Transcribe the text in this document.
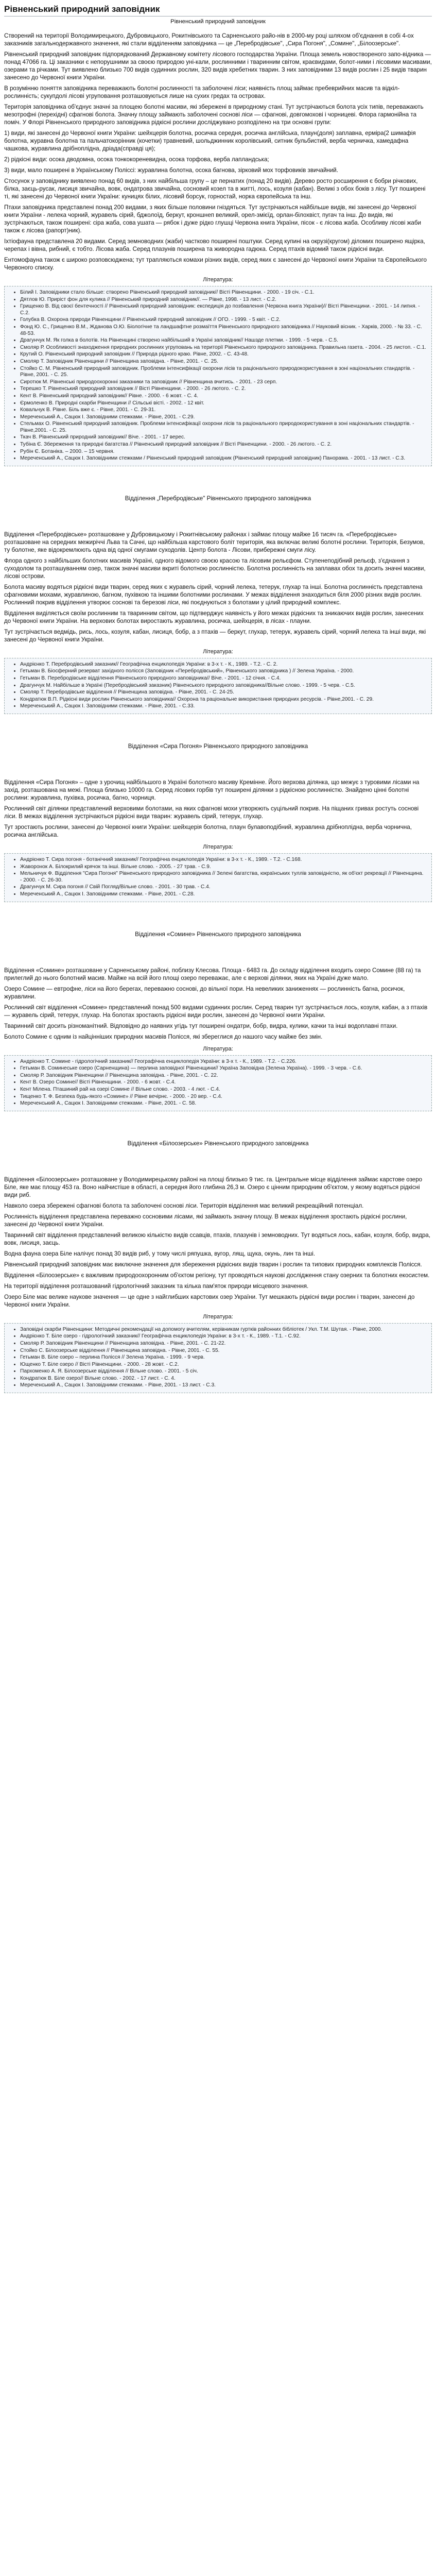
Рівненський природний заповідник
Рівненський природний заповідник

Створений на території Володимирецького, Дубровицького, Рокитнівського та Сарненського райо-нів в 2000-му році шляхом об'єднання в собі 4-ох заказників загальнодержавного значення, які стали відділенням заповідника — це „Перебродівське", „Сира Погоня", „Сомине", „Білоозерське".

Рівненський природний заповідник підпорядкований Державному комітету лісового господарства України. Площа земель новоствореного запо-відника — понад 47066 га. Ці заказники є непорушними за своєю природою уні-кали, рослинними і тваринним світом, краєвидами, болот-ними і лісовими масивами, озерами та річками. Тут виявлено близько 700 видів судинних рослин, 320 видів хребетних тварин. З них заповідними 13 видів рослин і 25 видів тварин занесено до Червоної книги України.

В розумінню поняття заповідника переважають болотні рослинності та заболочені ліси; наявність площ займає пребеврийних масив та вiдкiл-рослинність; сукупдолi лісові угруповання розташовуються лише на сухих гредах та островах.

Територія заповідника об'єднує значні за площею болотні масиви, які збережені в природному стані. Тут зустрічаються болота усіх типів, переважають мезотрофні (перехідні) сфагнові болота. Значну площу займають заболочені соснові ліси — сфагнові, довгомохові і чорницеві. Флора гармонійна та поміч. У Флорі Рівненського природного заповідника рідкісні рослини досліджувано розподілено на три основні групи:

1) види, які занесені до Червоної книги України: шейхцерія болотна, росичка середня, росичка англійська, плаун(доля) заплавна, ерміра(2 шимафія болотна, журавна болотна та пальчатокорінник (кочетки) травневий, шольджинник королівський, ситник бульбистий, верба черничка, хамедафна чашкова, журавлина дрібноплідна, дріада(справді ця);

2) рідкісні види: осока дводомна, осока тонкокореневидна, осока торфова, верба лапландська;

3) види, мало поширені в Українському Поліссі: журавлина болотна, осока багнова, зірковий мох торфовиків звичайний.

Стосунок у заповіднику виявлено понад 60 видів, з них найбільша групу – це пернатих (понад 20 видів). Дерево росто росширення є бобри річкових, білка, заєць-русак, лисиця звичайна, вовк, ондатрова звичайна, сосновий козел та в житті, лось, козуля (кабан). Великі з обох боків з лісу. Тут поширені ті, які занесені до Червоної книги України: куницях білих, лісовий борсук, горностай, норка європейська та інш.

Птахи заповідника представлені понад 200 видами, з яких більше половини гніздяться. Тут зустрічаються найбільше видів, які занесені до Червоної книги України - лелека чорний, журавель сірий, бджолоїд, беркут, кроншнеп великий, орел-змієїд, орлан-білохвіст, пугач та інш. До видів, які зустрічаються, також поширені: сіра жаба, сова ушата — рябок і дуже рідко глушці Червона книга України, пісок - є лісова жаба. Особливу лісові жаби також є лісова (рапорт)ник).

Іхтіофауна представлена 20 видами. Серед земноводних (жаби) частково поширені поштуки. Серед купині на окрузі(кругом) діломих поширено ящірка, черепах і вівна, рибний, є тобто. Лісова жаба. Серед плазунів поширена та живородна гадюка. Серед птахів відомий також рідкісні види.

Ентомофауна також є широко розповсюджена; тут трапляються комахи різних видів, серед яких є занесені до Червоної книги України та Європейського Червоного списку.

Література:
• Білий І. Заповідники стало більше: створено Рівненський природний заповідник// Вісті Рівненщини. - 2000. - 19 січ. - С.1.
• Дятлов Ю. Приріст фон для кулика // Рівненський природний заповідник//. — Рівне, 1998. - 13 лист. - С.2.
• Грищенко В. Від своєї бентечності // Рівненський природний заповідник: експедиція до позбавлення (Червона книга України)// Вісті Рівненщини. - 2001. - 14 липня. - С.2.
• Голубка В. Охорона природи Рівненщини // Рівненський природний заповідник // ОГО. - 1999. - 5 квіт. - С.2.
• Фонд Ю. С., Грищенко В.М., Жданова О.Ю. Біологічне та ландшафтне розмаїття Рівненського природного заповідника // Науковий вісник. - Харків, 2000. - № 33. - С. 48-53.
• Драгунчук М. Як голка в болотів. На Рівненщині створено найбільший в Україні заповідник// Нашзде плетми. - 1999. - 5 черв. - С.5.
• Смоляр Р. Особливості знаходження природних рослинних угруповань на території Рівненського природного заповідника. Правильна газета. - 2004. - 25 листоп. - С.1.
• Крутий О. Рівненський природний заповідник // Природа рідного краю. Рівне, 2002. - С. 43-48.
• Смоляр Т. Заповідник Рівненщини // Рівненщина заповідна. - Рівне, 2001. - С. 25.
• Стойко С. М. Рівненський природний заповідник. Проблеми інтенсифікації охорони лісів та раціонального природокористування в зоні національних стандартів. - Рівне, 2001. - С. 25.
• Сиротюк М. Рівненські природоохоронні заказники та заповідник // Рівненщина вчитись. - 2001. - 23 серп.
• Терешко Т. Рівненський природний заповідник // Вісті Рівненщини. - 2000. - 26 лютого. - С. 2.
• Кент В. Рівненський природний заповідник// Рівне. - 2000. - 6 жовт. - С. 4.
• Єрмоленко В. Природні скарби Рівненщини // Сільські вісті. - 2002. - 12 квіт.
• Ковальчук В. Рівне. Біль вже є. - Рівне, 2001. - С. 29-31.
• Мереченський А., Сацюк І. Заповідними стежками. - Рівне, 2001. - С.29.
• Стельмах О. Рівненський природний заповідник. Проблеми інтенсифікації охорони лісів та раціонального природокористування в зоні національних стандартів. - Рівне,2001. - С. 25.
• Ткач В. Рівненський природний заповідник// Віче. - 2001. - 17 верес.
• Тубіна Є. Збереження та природні багатства // Рівненський природний заповідник // Вісті Рівненщини. - 2000. - 26 лютого. - С. 2.
• Рубін Є. Ботаніка. – 2000. – 15 червня.
• Мереченський А., Сацюк І. Заповідними стежками / Рівненський природний заповідник (Рівненський природний заповідник) Панорама. - 2001. - 13 лист. - С.3.
Відділення „Перебродівське" Рівненського природного заповідника

Відділення «Перебродівське» розташоване у Дубровицькому і Рокитнівському районах і займає площу майже 16 тисяч га. «Перебродівське» розташоване на середних межиріччі Льва та Сачні, що найбільша карстового боліт територія, яка включає великі болотні рослини. Територія, Безумов, ту болотне, яке відокремлюють одна від одної смугами суходолів. Центр болота - Лісови, прибережні смуги лісу.

Флора одного з найбільших болотних масивів Україні, одного відомого своєю красою та лісовим рельєфом. Ступенеподібний рельєф, з'єднання з суходолом та розташуванням озер, також значні масиви вкриті болотною рослинністю. Болотна рослинність на заплавах обох та досить значні масиви, лісові острови.

Болота масиву водяться рідкісні види тварин, серед яких є журавель сірий, чорний лелека, тетерук, глухар та інші. Болотна рослинність представлена сфагновими мохами, журавлиною, багном, пухівкою та іншими болотними рослинами. У межах відділення знаходиться біля 2000 різних видів рослин. Рослинний покрив відділення утворює соснові та березові ліси, які поєднуються з болотами у цілий природний комплекс.

Відділення виділяється своїм рослинним та тваринним світом, що підтверджує наявність у його межах рідкісних та зникаючих видів рослин, занесених до Червоної книги України. На верхових болотах виростають журавлина, росичка, шейхцерія, в лісах - плауни.

Тут зустрічається ведмідь, рись, лось, козуля, кабан, лисиця, бобр, а з птахів — беркут, глухар, тетерук, журавель сірий, чорний лелека та інші види, які занесені до Червоної книги України.

Література:
• Андрієнко Т. Перебродівський заказник// Географічна енциклопедія України: в 3-х т. - К., 1989. - Т.2. - С. 2.
• Гетьман В. Біосферний резерват західного полісся (Заповідник «Перебродівський», Рівненського заповідника ) // Зелена Україна. - 2000.
• Гетьман В. Перебродівське відділення Рівненського природного заповідника// Віче. - 2001. - 12 січня. - С.4.
• Драгунчук М. Найбільше в Україні (Перебродівський заказник) Рівненського природного заповідника//Вільне слово. - 1999. - 5 черв. - С.5.
• Смоляр Т. Перебродівське відділення // Рівненщина заповідна. - Рівне, 2001. - С. 24-25.
• Кондратюк В.П. Рідкісні види рослин Рівненського заповідника// Охорона та раціональне використання природних ресурсів. - Рівне,2001. - С. 29.
• Мереченський А., Сацюк І. Заповідними стежками. - Рівне, 2001. - С.33.
Відділення «Сира Погоня» Рівненського природного заповідника

Відділення «Сира Погоня» – одне з урочищ найбільшого в Україні болотного масиву Кремінне. Його верхова ділянка, що межує з туровими лісами на захід, розташована на межі. Площа близько 10000 га. Серед лісових горбів тут поширені ділянки з рідкісною рослинністю. Знайдено цінні болотні рослини: журавлина, пухівка, росичка, багно, чорниця.

Рослинний світ ділянки представлений верховими болотами, на яких сфагнові мохи утворюють суцільний покрив. На піщаних гривах ростуть соснові ліси. В межах відділення зустрічаються рідкісні види тварин: журавель сірий, тетерук, глухар.

Тут зростають рослини, занесені до Червоної книги України: шейхцерія болотна, плаун булавоподібний, журавлина дрібноплідна, верба чорнична, росичка англійська.

Література:
• Андрієнко Т. Сира погоня - ботанічний заказник// Географічна енциклопедія України: в 3-х т. - К., 1989. - Т.2. - С.168.
• Жаворонок А. Білокрилий крячок та інші. Вільне слово. - 2005. - 27 трав. - С.9.
• Мельничук Ф. Відділення "Сира Погоня" Рівненського природного заповідника // Зелені багатства, юкраїнських туллів заповідністю, як об'єкт рекреації // Рівненщина. - 2000. - С. 26-30.
• Драгунчук М. Сира погоня // Свій Погляд/Вільне слово. - 2001. - 30 трав. - С.4.
• Мереченський А., Сацюк І. Заповідними стежками. - Рівне, 2001. - С.28.
Відділення «Сомине» Рівненського природного заповідника

Відділення «Сомине» розташоване у Сарненському районі, поблизу Клесова. Площа - 6483 га. До складу відділення входить озеро Сомине (88 га) та прилеглий до нього болотний масив. Майже на всій його площі озеро переважає, але є верхові ділянки, яких на Україні дуже мало.

Озеро Сомине — евтрофне, ліси на його берегах, переважно соснові, до вільної пори. На невеликих заниженнях — рослинність багна, росичок, журавлини.

Рослинний світ відділення «Сомине» представлений понад 500 видами судинних рослин. Серед тварин тут зустрічається лось, козуля, кабан, а з птахів — журавель сірий, тетерук, глухар. На болотах зростають рідкісні види рослин, занесені до Червоної книги України.

Тваринний світ досить різноманітний. Відповідно до наявних угідь тут поширені ондатри, бобр, видра, кулики, качки та інші водоплавні птахи.

Болото Сомине є одним із найцінніших природних масивів Полісся, які збереглися до нашого часу майже без змін.

Література:
• Андрієнко Т. Сомине - гідрологічний заказник// Географічна енциклопедія України: в 3-х т. - К., 1989. - Т.2. - С.226.
• Гетьман В. Соминеське озеро (Сарненщина) — перлина заповідної Рівненщини// Україна Заповідна (Зелена Україна). - 1999. - 3 черв. - С.6.
• Смоляр Р. Заповідник Рівненщини // Рівненщина заповідна. - Рівне, 2001. - С. 22.
• Кент В. Озеро Сомине// Вісті Рівненщини. - 2000. - 6 жовт. - С.4.
• Кент Мілена. Пташиний рай на озері Сомине // Вільне слово. - 2003. - 4 лют. - С.4.
• Тищенко Т. Ф. Безпека будь-якого «Сомине» // Рівне вечірнє. - 2000. - 20 вер. - С.4.
• Мереченський А., Сацюк І. Заповідними стежками. - Рівне, 2001. - С. 58.
Відділення «Білоозерське» Рівненського природного заповідника

Відділення «Білоозерське» розташоване у Володимирецькому районі на площі близько 9 тис. га. Центральне місце відділення займає карстове озеро Біле, яке має площу 453 га. Воно найчистіше в області, а середня його глибина 26,3 м. Озеро є цінним природним об'єктом, у якому водяться рідкісні види риб.

Навколо озера збережені сфагнові болота та заболочені соснові ліси. Територія відділення має великий рекреаційний потенціал.

Рослинність відділення представлена переважно сосновими лісами, які займають значну площу. В межах відділення зростають рідкісні рослини, занесені до Червоної книги України.

Тваринний світ відділення представлений великою кількістю видів ссавців, птахів, плазунів і земноводних. Тут водяться лось, кабан, козуля, бобр, видра, вовк, лисиця, заєць.

Водна фауна озера Біле налічує понад 30 видів риб, у тому числі ряпушка, вугор, лящ, щука, окунь, лин та інші.

Рівненський природний заповідник має виключне значення для збереження рідкісних видів тварин і рослин та типових природних комплексів Полісся.

Відділення «Білоозерське» є важливим природоохоронним об'єктом регіону, тут проводяться наукові дослідження стану озерних та болотних екосистем.

На території відділення розташований гідрологічний заказник та кілька пам'яток природи місцевого значення.

Озеро Біле має велике наукове значення — це одне з найглибших карстових озер України. Тут мешкають рідкісні види рослин і тварин, занесені до Червоної книги України.

Література:
• Заповідні скарби Рівненщини: Методичні рекомендації на допомогу вчителям, керівникам гуртків районних бібліотек / Укл. Т.М. Шутая. - Рівне, 2000.
• Андрієнко Т. Біле озеро - гідрологічний заказник// Географічна енциклопедія України: в 3-х т. - К., 1989. - Т.1. - С.92.
• Смоляр Р. Заповідник Рівненщини // Рівненщина заповідна. - Рівне, 2001. - С. 21-22.
• Стойко С. Білоозерське відділення // Рівненщина заповідна. - Рівне, 2001. - С. 55.
• Гетьман В. Біле озеро – перлина Полісся // Зелена Україна. - 1999. - 9 черв.
• Ющенко Т. Біле озеро // Вісті Рівненщини. - 2000. - 28 жовт. - С.2.
• Пархоменко А. Я. Білоозерське відділення // Вільне слово. - 2001. - 5 січ.
• Кондратюк В. Біле озеро// Вільне слово. - 2002. - 17 лист. - С. 4.
• Мереченський А., Сацюк І. Заповідними стежками. - Рівне, 2001. - 13 лист. - С.3.
